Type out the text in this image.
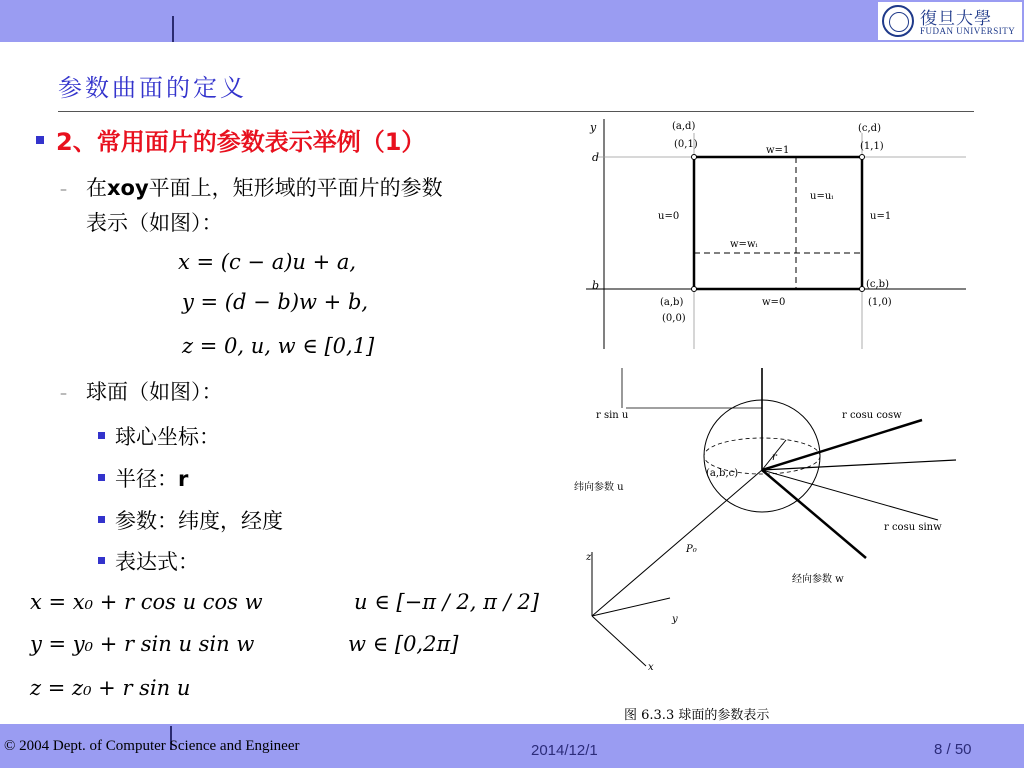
復旦大學
FUDAN UNIVERSITY
参数曲面的定义
2、常用面片的参数表示举例（1）
– 在xoy平面上，矩形域的平面片的参数
表示（如图）：
x = (c − a)u + a,
y = (d − b)w + b,
z = 0, u, w ∈ [0,1]
– 球面（如图）：
球心坐标：
半径：r
参数：纬度，经度
表达式：
x = x₀ + r cos u cos w	u ∈ [−π / 2, π / 2]
y = y₀ + r sin u sin w	w ∈ [0,2π]
z = z₀ + r sin u
y
d
b
(a,d)
(0,1)
(c,d)
(1,1)
w=1
u=uᵢ
u=0	u=1
w=wᵢ
(c,b)
(1,0)
(a,b)
(0,0)
w=0
r sin u	r cosu cosw
(a,b,c)
r
纬向参数 u
r cosu sinw
P₀
经向参数 w
z
y
x
图 6.3.3 球面的参数表示
© 2004 Dept. of Computer Science and Engineer	2014/12/1	8 / 50
